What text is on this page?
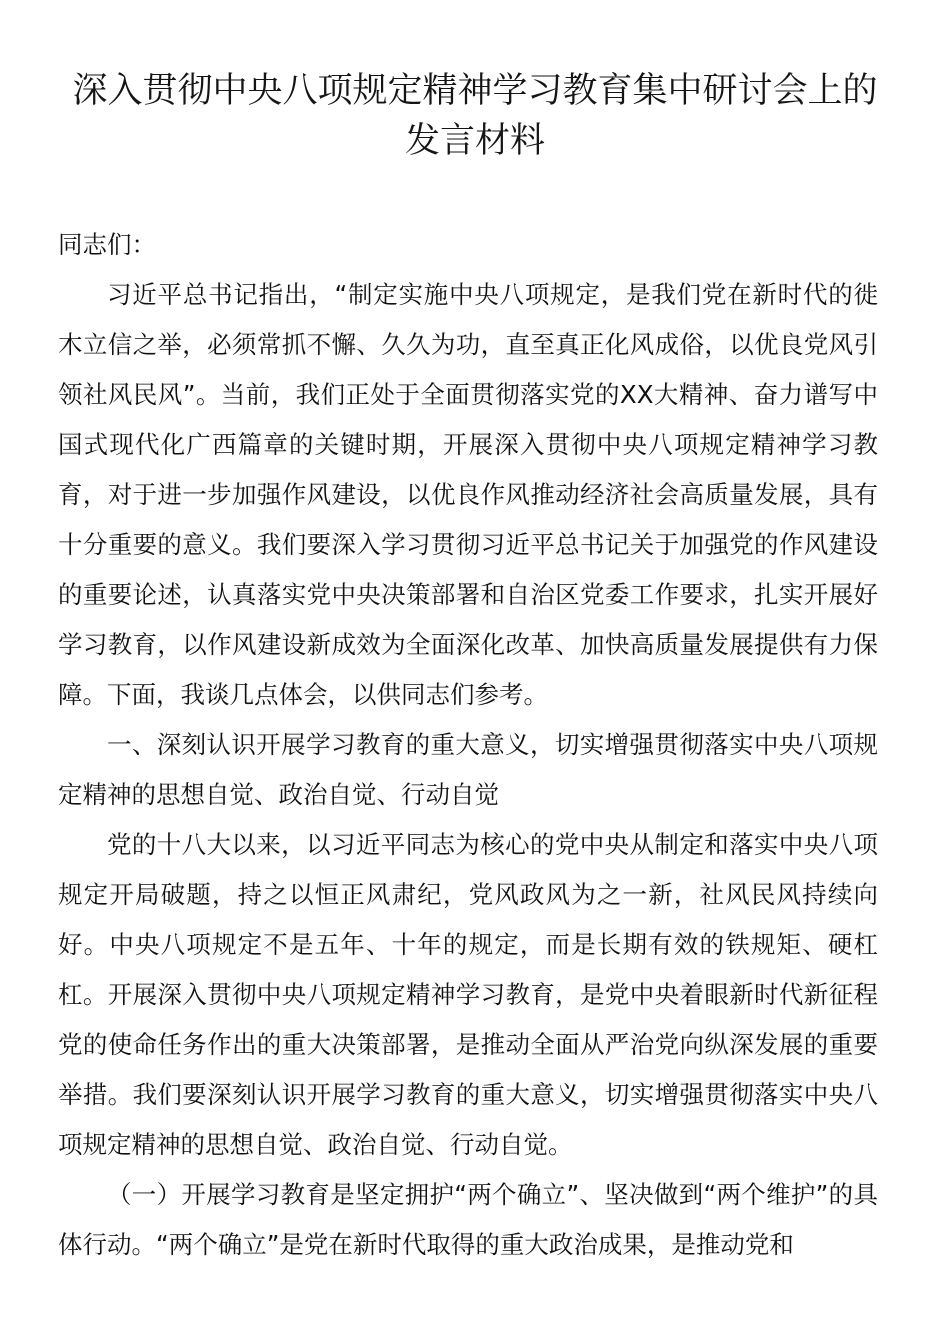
深入贯彻中央八项规定精神学习教育集中研讨会上的
发言材料

同志们：

习近平总书记指出，“制定实施中央八项规定，是我们党在新时代的徙木立信之举，必须常抓不懈、久久为功，直至真正化风成俗，以优良党风引领社风民风”。当前，我们正处于全面贯彻落实党的XX大精神、奋力谱写中国式现代化广西篇章的关键时期，开展深入贯彻中央八项规定精神学习教育，对于进一步加强作风建设，以优良作风推动经济社会高质量发展，具有十分重要的意义。我们要深入学习贯彻习近平总书记关于加强党的作风建设的重要论述，认真落实党中央决策部署和自治区党委工作要求，扎实开展好学习教育，以作风建设新成效为全面深化改革、加快高质量发展提供有力保障。下面，我谈几点体会，以供同志们参考。

一、深刻认识开展学习教育的重大意义，切实增强贯彻落实中央八项规定精神的思想自觉、政治自觉、行动自觉

党的十八大以来，以习近平同志为核心的党中央从制定和落实中央八项规定开局破题，持之以恒正风肃纪，党风政风为之一新，社风民风持续向好。中央八项规定不是五年、十年的规定，而是长期有效的铁规矩、硬杠杠。开展深入贯彻中央八项规定精神学习教育，是党中央着眼新时代新征程党的使命任务作出的重大决策部署，是推动全面从严治党向纵深发展的重要举措。我们要深刻认识开展学习教育的重大意义，切实增强贯彻落实中央八项规定精神的思想自觉、政治自觉、行动自觉。

（一）开展学习教育是坚定拥护“两个确立”、坚决做到“两个维护”的具体行动。“两个确立”是党在新时代取得的重大政治成果，是推动党和
